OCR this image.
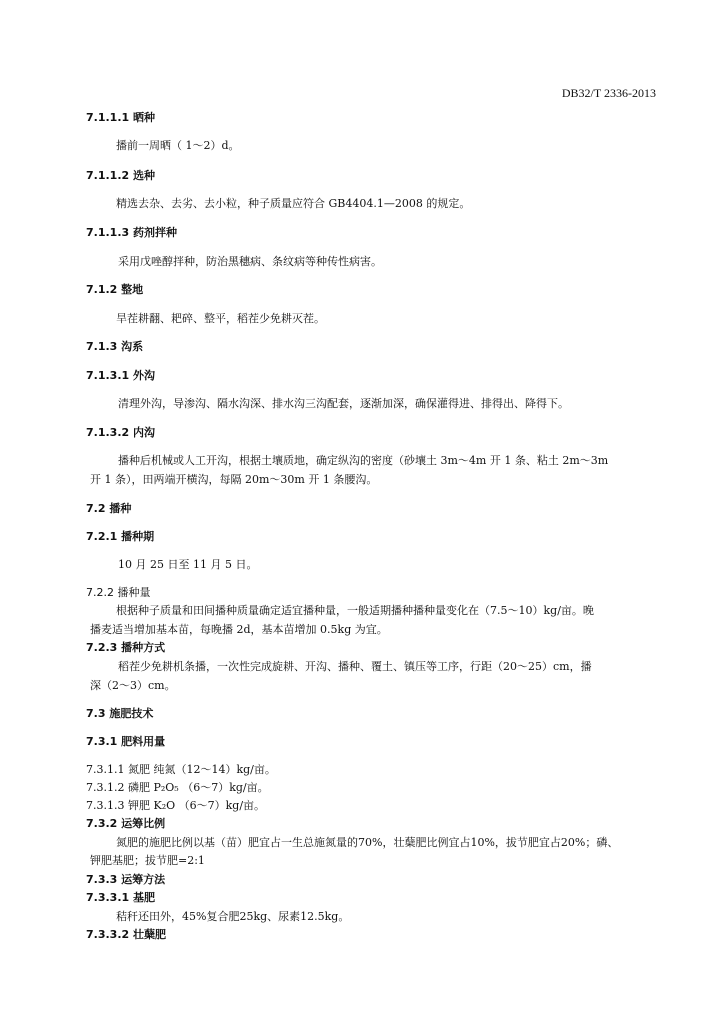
DB32/T 2336-2013
7.1.1.1 晒种
播前一周晒（ 1～2）d。
7.1.1.2 选种
精选去杂、去劣、去小粒，种子质量应符合 GB4404.1—2008 的规定。
7.1.1.3 药剂拌种
采用戊唑醇拌种，防治黑穗病、条纹病等种传性病害。
7.1.2 整地
旱茬耕翻、耙碎、整平，稻茬少免耕灭茬。
7.1.3 沟系
7.1.3.1 外沟
清理外沟，导渗沟、隔水沟深、排水沟三沟配套，逐渐加深，确保灌得进、排得出、降得下。
7.1.3.2 内沟
播种后机械或人工开沟，根据土壤质地，确定纵沟的密度（砂壤土 3m～4m 开 1 条、粘土 2m～3m
开 1 条），田两端开横沟，每隔 20m～30m 开 1 条腰沟。
7.2 播种
7.2.1 播种期
10 月 25 日至 11 月 5 日。
7.2.2 播种量
根据种子质量和田间播种质量确定适宜播种量，一般适期播种播种量变化在（7.5～10）kg/亩。晚
播麦适当增加基本苗，每晚播 2d，基本苗增加 0.5kg 为宜。
7.2.3 播种方式
稻茬少免耕机条播，一次性完成旋耕、开沟、播种、覆土、镇压等工序，行距（20～25）cm，播
深（2～3）cm。
7.3 施肥技术
7.3.1 肥料用量
7.3.1.1 氮肥 纯氮（12～14）kg/亩。
7.3.1.2 磷肥 P₂O₅ （6～7）kg/亩。
7.3.1.3 钾肥 K₂O （6～7）kg/亩。
7.3.2 运筹比例
氮肥的施肥比例以基（苗）肥宜占一生总施氮量的70%，壮蘖肥比例宜占10%，拔节肥宜占20%；磷、
钾肥基肥；拔节肥=2:1
7.3.3 运筹方法
7.3.3.1 基肥
秸秆还田外，45%复合肥25kg、尿素12.5kg。
7.3.3.2 壮蘖肥
